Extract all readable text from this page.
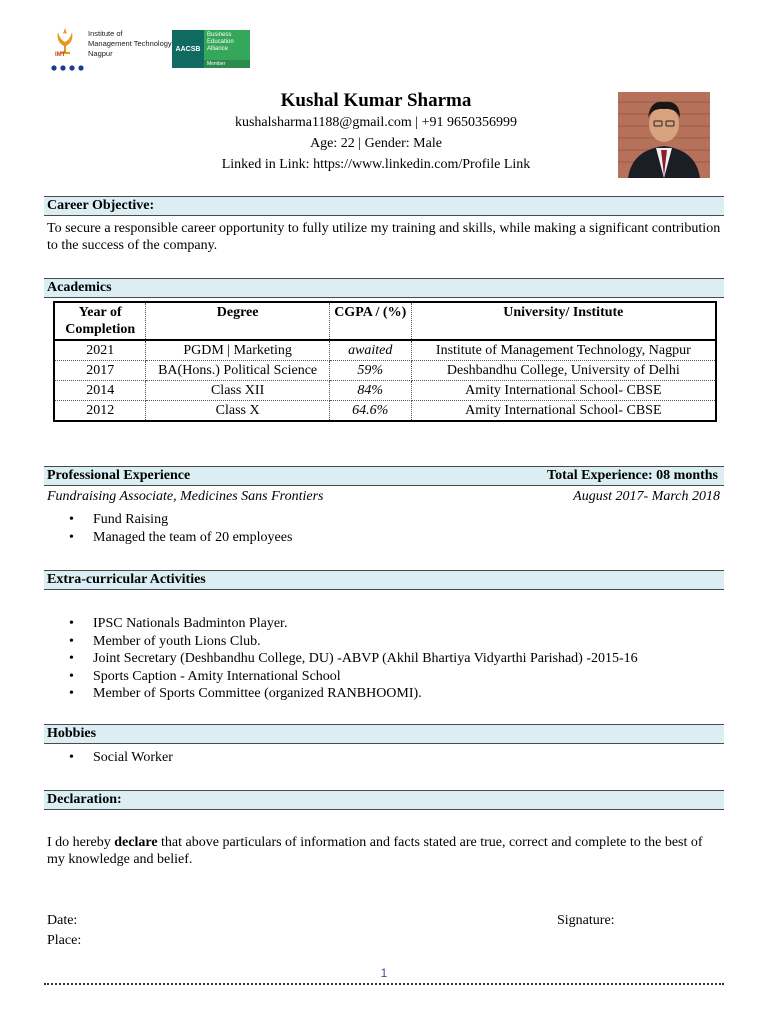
IMT
Institute of
Management Technology
Nagpur	AACSB
Business
Education
Alliance
Member
Kushal Kumar Sharma
kushalsharma1188@gmail.com | +91 9650356999
Age: 22 | Gender: Male
Linked in Link: https://www.linkedin.com/Profile Link
Career Objective:
To secure a responsible career opportunity to fully utilize my training and skills, while making a significant contribution to the success of the company.
Academics
Year of Completion	Degree	CGPA / (%)	University/ Institute
2021	PGDM | Marketing	awaited	Institute of Management Technology, Nagpur
2017	BA(Hons.) Political Science	59%	Deshbandhu College, University of Delhi
2014	Class XII	84%	Amity International School- CBSE
2012	Class X	64.6%	Amity International School- CBSE
Professional Experience	Total Experience: 08 months
Fundraising Associate, Medicines Sans Frontiers	August 2017- March 2018
• Fund Raising
• Managed the team of 20 employees
Extra-curricular Activities
• IPSC Nationals Badminton Player.
• Member of youth Lions Club.
• Joint Secretary (Deshbandhu College, DU) -ABVP (Akhil Bhartiya Vidyarthi Parishad) -2015-16
• Sports Caption - Amity International School
• Member of Sports Committee (organized RANBHOOMI).
Hobbies
• Social Worker
Declaration:
I do hereby declare that above particulars of information and facts stated are true, correct and complete to the best of my knowledge and belief.
Date:	Signature:
Place:
1
